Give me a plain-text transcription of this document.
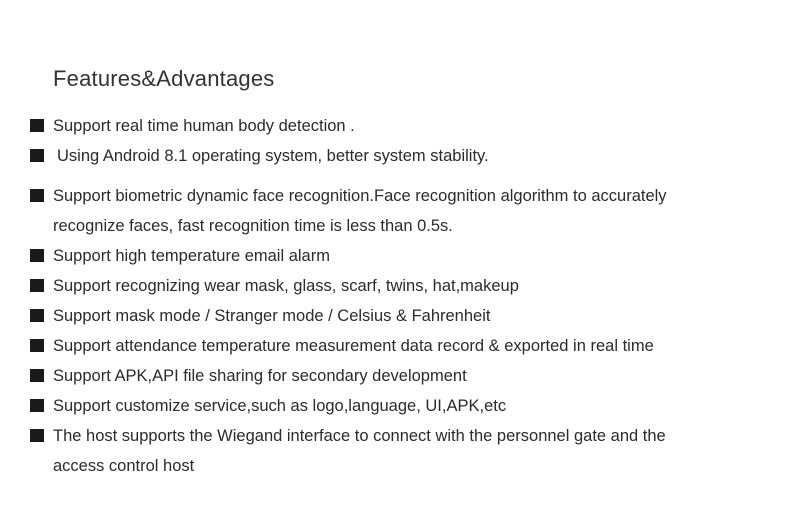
Features&Advantages
Support real time human body detection .
Using Android 8.1 operating system, better system stability.
Support biometric dynamic face recognition.Face recognition algorithm to accurately
recognize faces, fast recognition time is less than 0.5s.
Support high temperature email alarm
Support recognizing wear mask, glass, scarf, twins, hat,makeup
Support mask mode / Stranger mode / Celsius & Fahrenheit
Support attendance temperature measurement data record & exported in real time
Support APK,API file sharing for secondary development
Support customize service,such as logo,language, UI,APK,etc
The host supports the Wiegand interface to connect with the personnel gate and the
access control host
